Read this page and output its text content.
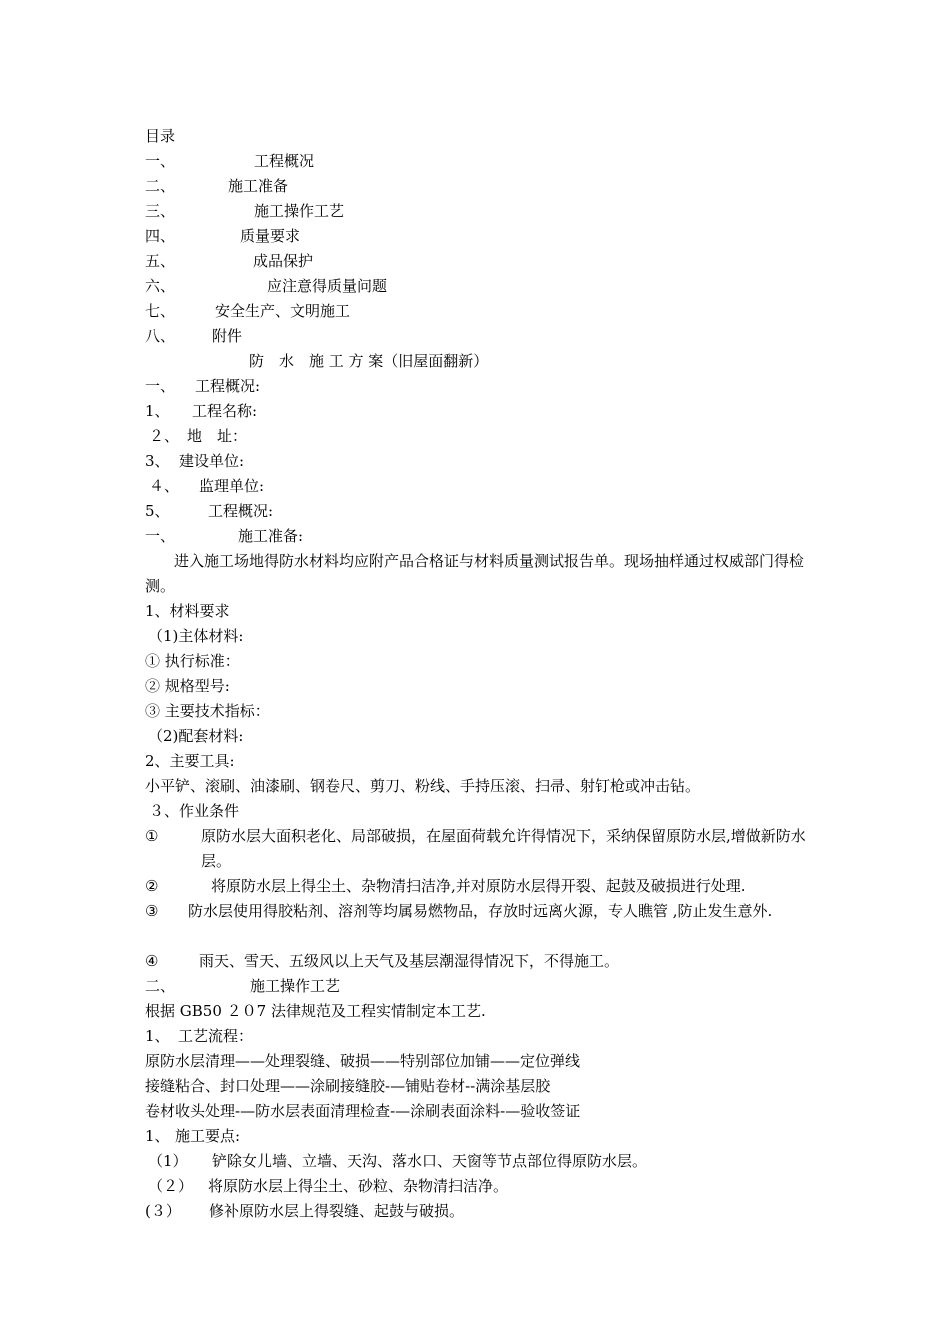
目录

一、	工程概况

二、	施工准备

三、	施工操作工艺

四、	质量要求

五、	成品保护

六、	应注意得质量问题

七、	安全生产、文明施工

八、 附件

防　水　施 工 方 案（旧屋面翻新）

一、 工程概况:

1、 工程名称:

２、 地　址：

3、 建设单位:

４、 监理单位:

5、	工程概况:

一、	施工准备:

进入施工场地得防水材料均应附产品合格证与材料质量测试报告单。现场抽样通过权威部门得检测。

1、材料要求

（1)主体材料:

① 执行标准：

② 规格型号:

③ 主要技术指标：

（2)配套材料:

2、主要工具:

小平铲、滚刷、油漆刷、钢卷尺、剪刀、粉线、手持压滚、扫帚、射钉枪或冲击钻。

３、作业条件

①	原防水层大面积老化、局部破损，在屋面荷载允许得情况下，采纳保留原防水层,增做新防水层。

②	将原防水层上得尘土、杂物清扫洁净,并对原防水层得开裂、起鼓及破损进行处理.

③ 防水层使用得胶粘剂、溶剂等均属易燃物品，存放时远离火源，专人瞧管 ,防止发生意外.

④	雨天、雪天、五级风以上天气及基层潮湿得情况下，不得施工。

二、	施工操作工艺

根据 GB50 ２０7 法律规范及工程实情制定本工艺.

1、 工艺流程：

原防水层清理——处理裂缝、破损——特别部位加铺——定位弹线

接缝粘合、封口处理——涂刷接缝胶-—铺贴卷材--满涂基层胶

卷材收头处理-—防水层表面清理检查-—涂刷表面涂料-—验收签证

1、 施工要点:

（1） 铲除女儿墙、立墙、天沟、落水口、天窗等节点部位得原防水层。

（２） 将原防水层上得尘土、砂粒、杂物清扫洁净。

(３） 修补原防水层上得裂缝、起鼓与破损。
